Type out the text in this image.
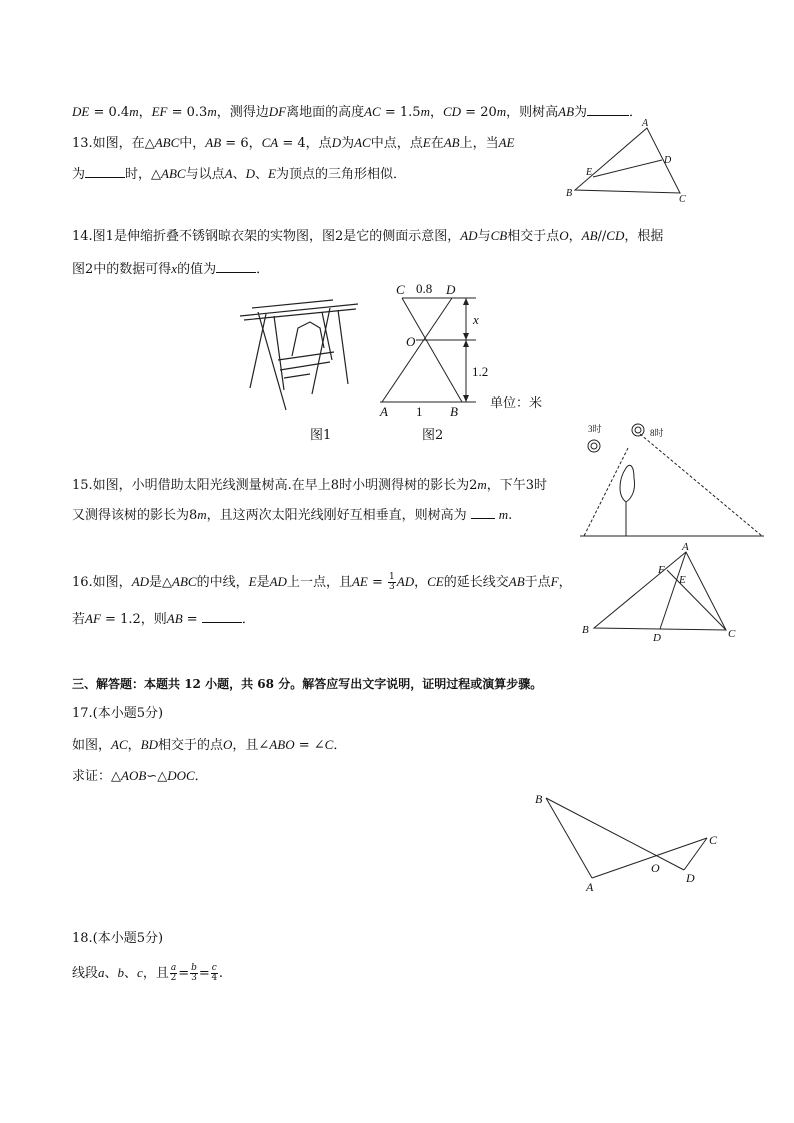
DE = 0.4m，EF = 0.3m，测得边DF离地面的高度AC = 1.5m，CD = 20m，则树高AB为	．
13.如图，在△ABC中，AB = 6，CA = 4，点D为AC中点，点E在AB上，当AE
为	时，△ABC与以点A、D、E为顶点的三角形相似．
A
B
C
D
E
14.图1是伸缩折叠不锈钢晾衣架的实物图，图2是它的侧面示意图，AD与CB相交于点O，AB//CD，根据
图2中的数据可得x的值为	．
图1
C 0.8 D
O
x
1.2
A 1 B
单位：米
图2
15.如图，小明借助太阳光线测量树高.在早上8时小明测得树的影长为2m，下午3时
又测得该树的影长为8m，且这两次太阳光线刚好互相垂直，则树高为 m.
3时	8时
16.如图，AD是△ABC的中线，E是AD上一点，且AE = $\frac{1}{3}$ AD，CE的延长线交AB于点F，
若AF = 1.2，则AB =	．
A
B	C
D
E
F
三、解答题：本题共 12 小题，共 68 分。解答应写出文字说明，证明过程或演算步骤。
17.(本小题5分)
如图，AC，BD相交于的点O，且∠ABO = ∠C．
求证：△AOB∽△DOC．
B
A
O
C
D
18.(本小题5分)
线段a、b、c，且 $\frac{a}{2} = \frac{b}{3} = \frac{c}{4}$ .
